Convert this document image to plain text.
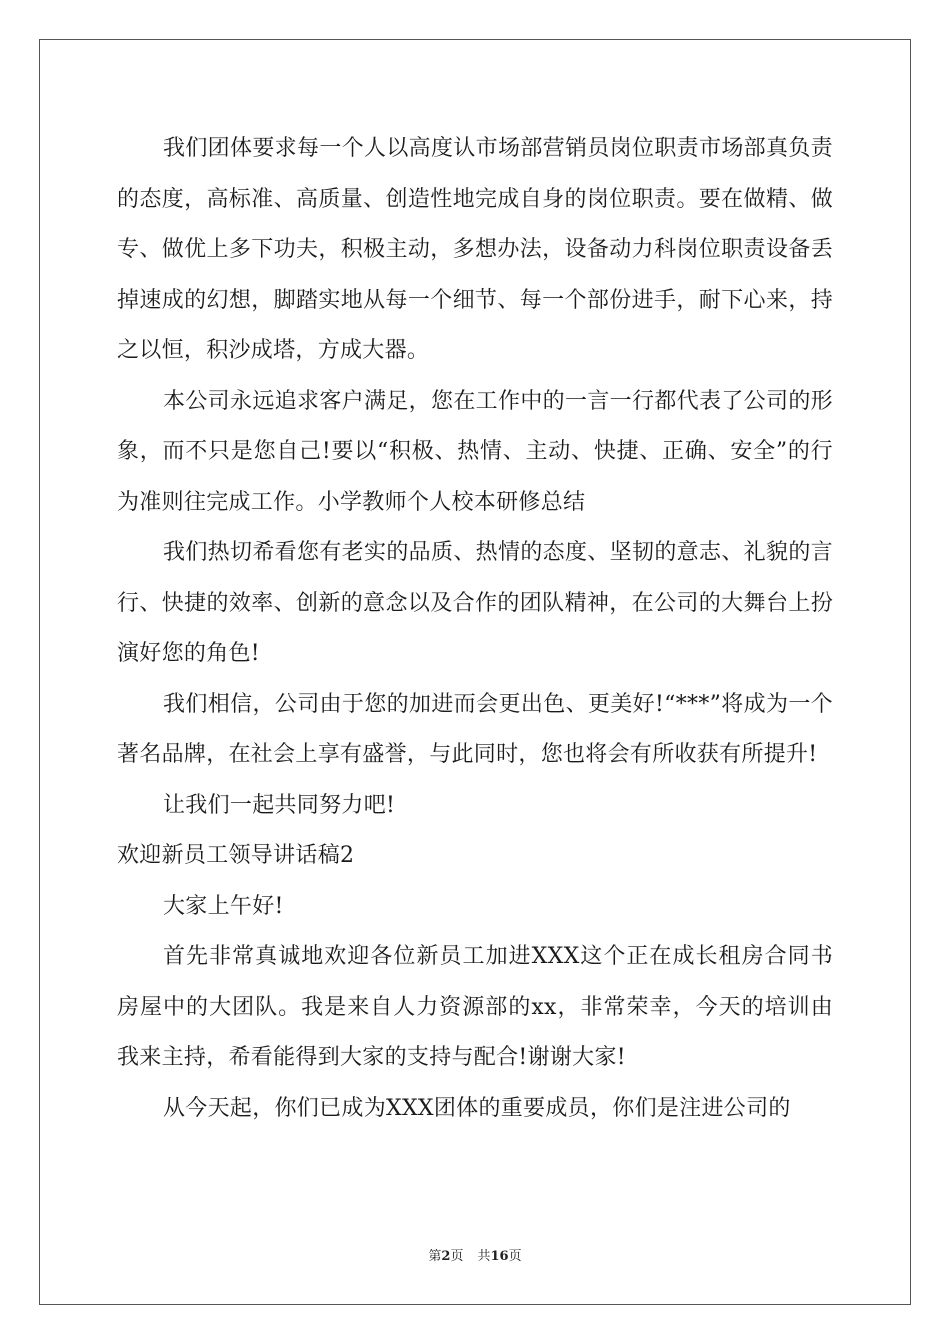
我们团体要求每一个人以高度认市场部营销员岗位职责市场部真负责的态度，高标准、高质量、创造性地完成自身的岗位职责。要在做精、做专、做优上多下功夫，积极主动，多想办法，设备动力科岗位职责设备丢掉速成的幻想，脚踏实地从每一个细节、每一个部份进手，耐下心来，持之以恒，积沙成塔，方成大器。

本公司永远追求客户满足，您在工作中的一言一行都代表了公司的形象，而不只是您自己!要以“积极、热情、主动、快捷、正确、安全”的行为准则往完成工作。小学教师个人校本研修总结

我们热切希看您有老实的品质、热情的态度、坚韧的意志、礼貌的言行、快捷的效率、创新的意念以及合作的团队精神，在公司的大舞台上扮演好您的角色!

我们相信，公司由于您的加进而会更出色、更美好!“***”将成为一个著名品牌，在社会上享有盛誉，与此同时，您也将会有所收获有所提升!

让我们一起共同努力吧!

欢迎新员工领导讲话稿2

大家上午好!

首先非常真诚地欢迎各位新员工加进XXX这个正在成长租房合同书房屋中的大团队。我是来自人力资源部的xx，非常荣幸，今天的培训由我来主持，希看能得到大家的支持与配合!谢谢大家!

从今天起，你们已成为XXX团体的重要成员，你们是注进公司的

第2页 共16页
